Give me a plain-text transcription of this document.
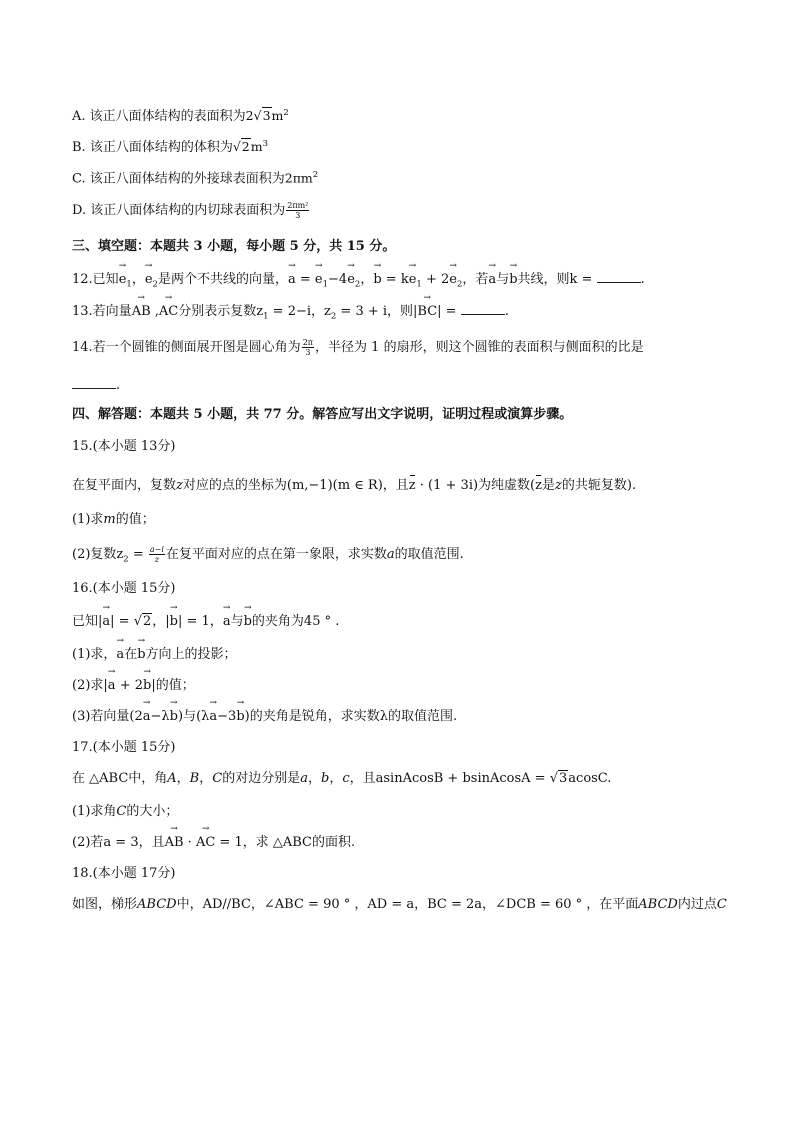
A. 该正八面体结构的表面积为$2√3m^2$
B. 该正八面体结构的体积为$√2m^3$
C. 该正八面体结构的外接球表面积为$2\pi m^2$
D. 该正八面体结构的内切球表面积为 $\frac{\text{2πm²}}{3}$
三、填空题：本题共 3 小题，每小题 5 分，共 15 分。
12.已知→ $e_1$，→ $e_2$是两个不共线的向量，→ a = → $e_1-4\to e_2$，→ $b = k\to e_1 + 2\to e_2$，若→ a与→ b共线，则k =	.
13.若向量→ AB ,→ AC分别表示复数$z_1 = 2-i$，$z_2 = 3 + i$，则|→ BC| =	.
14.若一个圆锥的侧面展开图是圆心角为 $\frac{2\pi}{3}$ ，半径为 1 的扇形，则这个圆锥的表面积与侧面积的比是
.
四、解答题：本题共 5 小题，共 77 分。解答应写出文字说明，证明过程或演算步骤。
15.(本小题 13分)
在复平面内，复数z对应的点的坐标为(m,−1)(m ∈ R)，且z · (1 + 3i)为纯虚数(z是z的共轭复数).
(1)求m的值；
(2)复数$z_2 = \frac{a-i}{z}$ 在复平面对应的点在第一象限，求实数a的取值范围.
16.(本小题 15分)
已知|→ a| = √2，|→ b| = 1，→ a与→ b的夹角为45 ° .
(1)求，→ a在→ b方向上的投影；
(2)求|→ a + 2→ b|的值；
(3)若向量(2→ a−λ→ b)与(λ→ a−3→ b)的夹角是锐角，求实数λ的取值范围.
17.(本小题 15分)
在 △ABC中，角A，B，C的对边分别是a，b，c，且asinAcosB + bsinAcosA = √3acosC.
(1)求角C的大小；
(2)若a = 3，且→ AB · → AC = 1，求 △ABC的面积.
18.(本小题 17分)
如图，梯形ABCD中，AD//BC，∠ABC = 90 ° ，AD = a，BC = 2a，∠DCB = 60 ° ，在平面ABCD内过点C
